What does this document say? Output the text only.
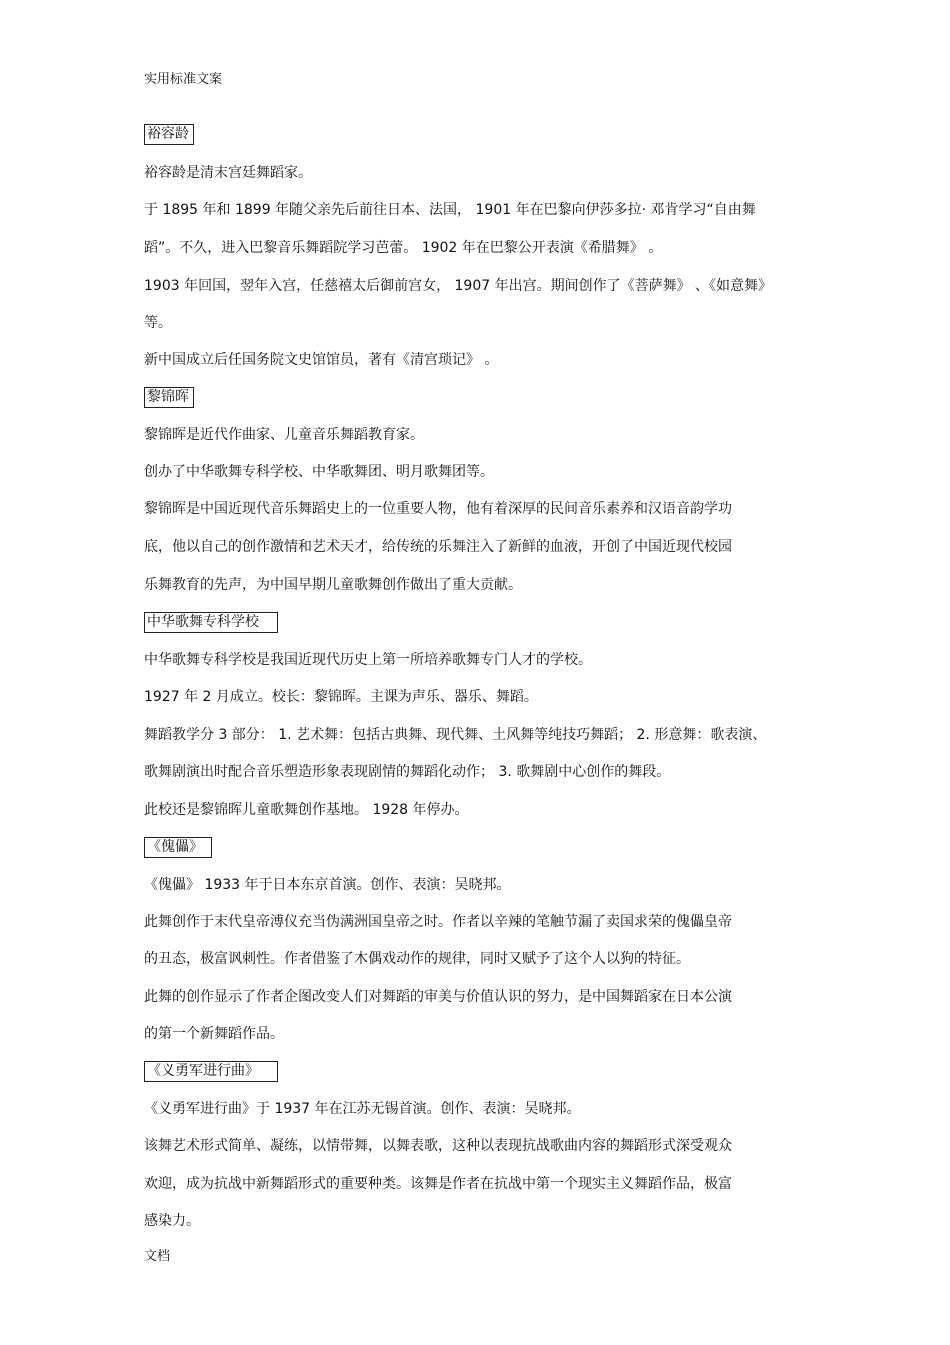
实用标准文案
裕容龄
裕容龄是清末宫廷舞蹈家。
于 1895 年和 1899 年随父亲先后前往日本、法国， 1901 年在巴黎向伊莎多拉· 邓肯学习“自由舞
蹈”。不久，进入巴黎音乐舞蹈院学习芭蕾。 1902 年在巴黎公开表演《希腊舞》 。
1903 年回国，翌年入宫，任慈禧太后御前宫女， 1907 年出宫。期间创作了《菩萨舞》 、《如意舞》
等。
新中国成立后任国务院文史馆馆员，著有《清宫琐记》 。
黎锦晖
黎锦晖是近代作曲家、儿童音乐舞蹈教育家。
创办了中华歌舞专科学校、中华歌舞团、明月歌舞团等。
黎锦晖是中国近现代音乐舞蹈史上的一位重要人物，他有着深厚的民间音乐素养和汉语音韵学功
底，他以自己的创作激情和艺术天才，给传统的乐舞注入了新鲜的血液，开创了中国近现代校园
乐舞教育的先声，为中国早期儿童歌舞创作做出了重大贡献。
中华歌舞专科学校
中华歌舞专科学校是我国近现代历史上第一所培养歌舞专门人才的学校。
1927 年 2 月成立。校长：黎锦晖。主课为声乐、器乐、舞蹈。
舞蹈教学分 3 部分： 1. 艺术舞：包括古典舞、现代舞、土风舞等纯技巧舞蹈； 2. 形意舞：歌表演、
歌舞剧演出时配合音乐塑造形象表现剧情的舞蹈化动作； 3. 歌舞剧中心创作的舞段。
此校还是黎锦晖儿童歌舞创作基地。 1928 年停办。
《傀儡》
《傀儡》 1933 年于日本东京首演。创作、表演：吴晓邦。
此舞创作于末代皇帝溥仪充当伪满洲国皇帝之时。作者以辛辣的笔触节漏了卖国求荣的傀儡皇帝
的丑态，极富讽刺性。作者借鉴了木偶戏动作的规律，同时又赋予了这个人以狗的特征。
此舞的创作显示了作者企图改变人们对舞蹈的审美与价值认识的努力，是中国舞蹈家在日本公演
的第一个新舞蹈作品。
《义勇军进行曲》
《义勇军进行曲》于 1937 年在江苏无锡首演。创作、表演：吴晓邦。
该舞艺术形式简单、凝练，以情带舞，以舞表歌，这种以表现抗战歌曲内容的舞蹈形式深受观众
欢迎，成为抗战中新舞蹈形式的重要种类。该舞是作者在抗战中第一个现实主义舞蹈作品，极富
感染力。
文档
